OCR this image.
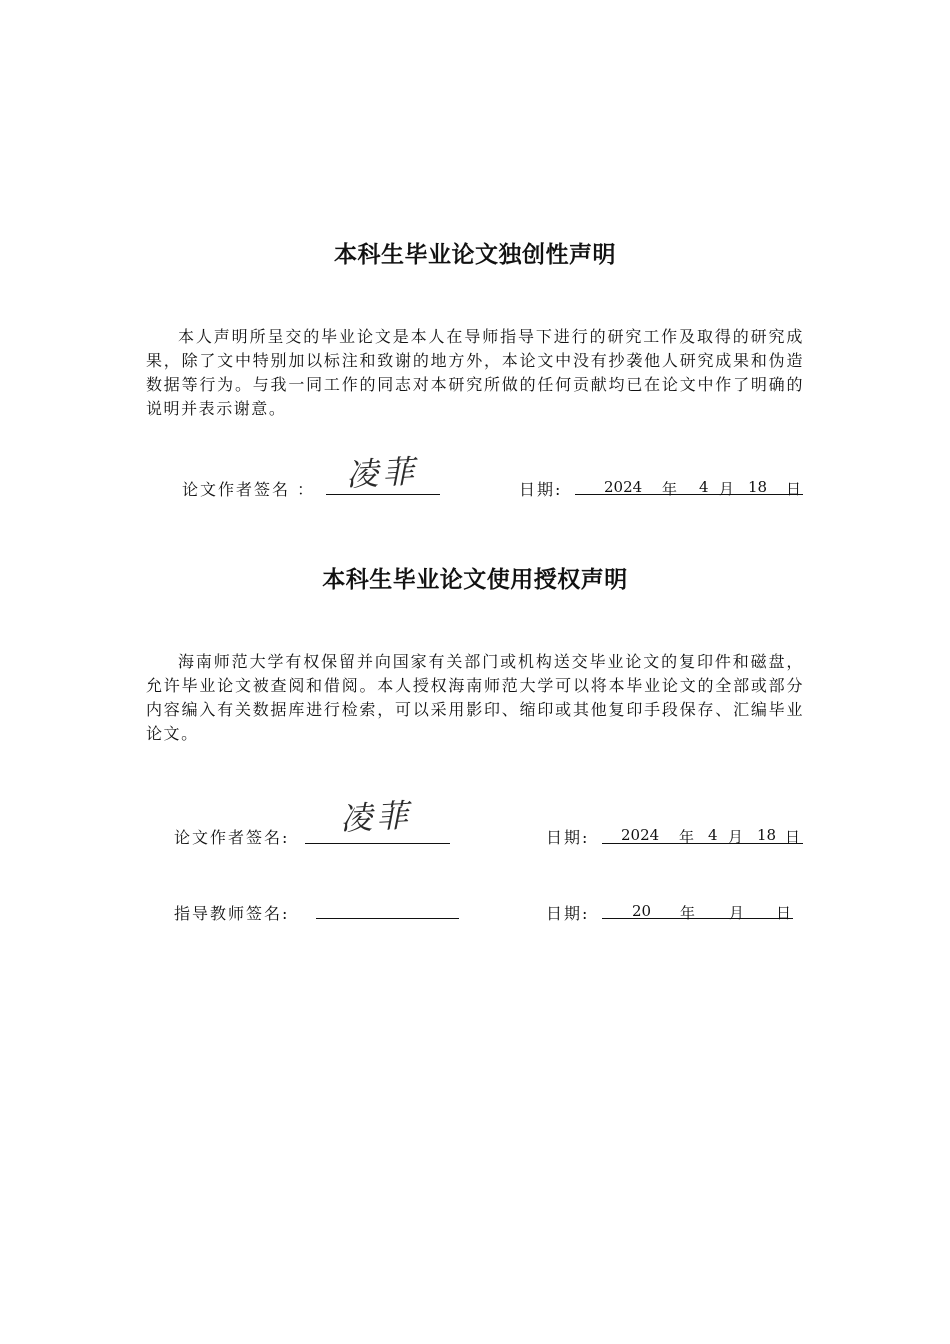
本科生毕业论文独创性声明
本人声明所呈交的毕业论文是本人在导师指导下进行的研究工作及取得的研究成果，除了文中特别加以标注和致谢的地方外，本论文中没有抄袭他人研究成果和伪造数据等行为。与我一同工作的同志对本研究所做的任何贡献均已在论文中作了明确的说明并表示谢意。
论文作者签名 ： 凌菲	日期:	2024 年 4 月 18 日
本科生毕业论文使用授权声明
海南师范大学有权保留并向国家有关部门或机构送交毕业论文的复印件和磁盘，允许毕业论文被查阅和借阅。本人授权海南师范大学可以将本毕业论文的全部或部分内容编入有关数据库进行检索，可以采用影印、缩印或其他复印手段保存、汇编毕业论文。
论文作者签名: 凌菲	日期: 2024 年 4 月 18 日
指导教师签名:	日期:	20 年 月 日
